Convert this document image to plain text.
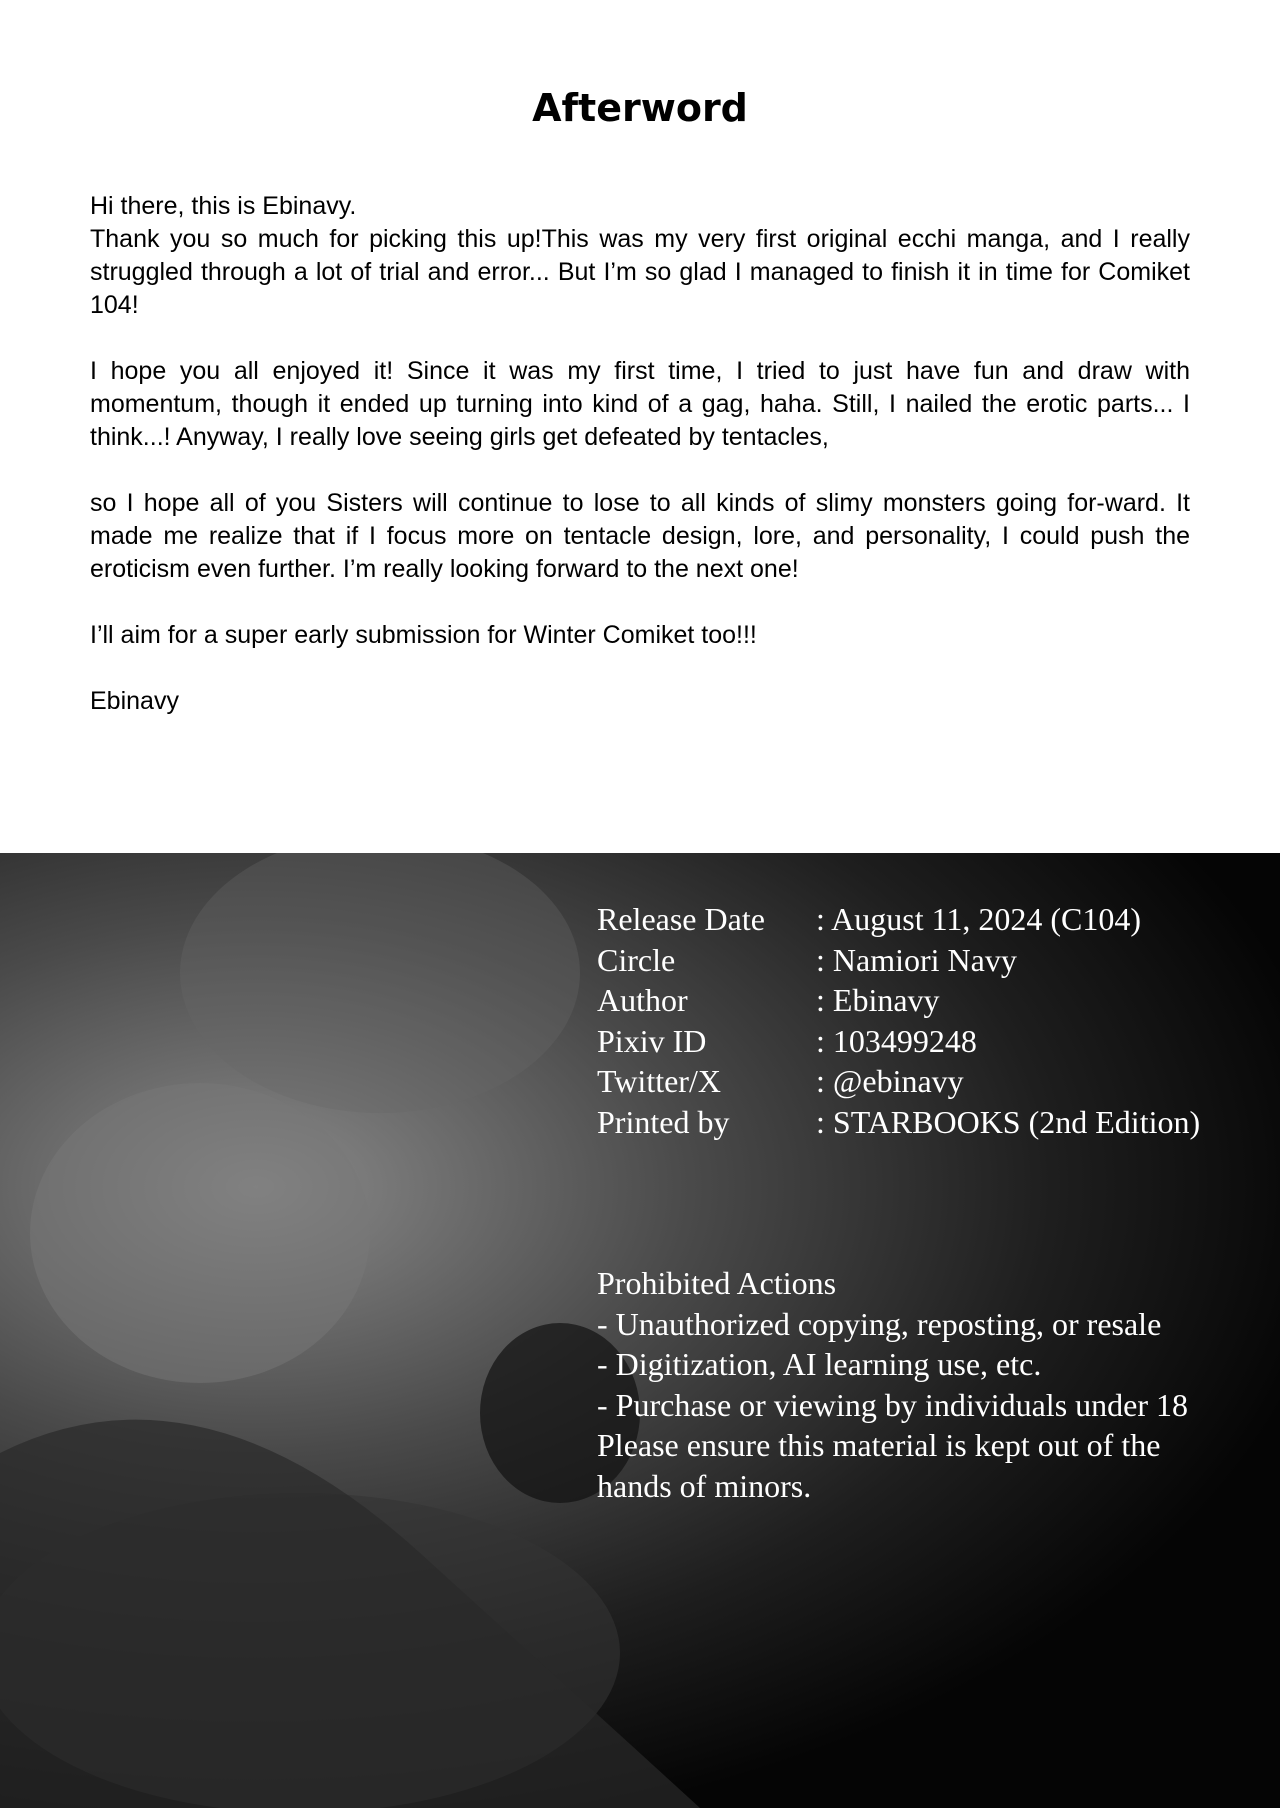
Afterword

Hi there, this is Ebinavy.
Thank you so much for picking this up!This was my very first original ecchi manga, and I really struggled through a lot of trial and error... But I’m so glad I managed to finish it in time for Comiket 104!

I hope you all enjoyed it! Since it was my first time, I tried to just have fun and draw with momentum, though it ended up turning into kind of a gag, haha. Still, I nailed the erotic parts... I think...! Anyway, I really love seeing girls get defeated by tentacles,

so I hope all of you Sisters will continue to lose to all kinds of slimy monsters going for-ward. It made me realize that if I focus more on tentacle design, lore, and personality, I could push the eroticism even further. I’m really looking forward to the next one!

I’ll aim for a super early submission for Winter Comiket too!!!

Ebinavy

Release Date	: August 11, 2024 (C104)
Circle	: Namiori Navy
Author	: Ebinavy
Pixiv ID	: 103499248
Twitter/X	: @ebinavy
Printed by	: STARBOOKS (2nd Edition)
Prohibited Actions
- Unauthorized copying, reposting, or resale
- Digitization, AI learning use, etc.
- Purchase or viewing by individuals under 18
Please ensure this material is kept out of the
hands of minors.
